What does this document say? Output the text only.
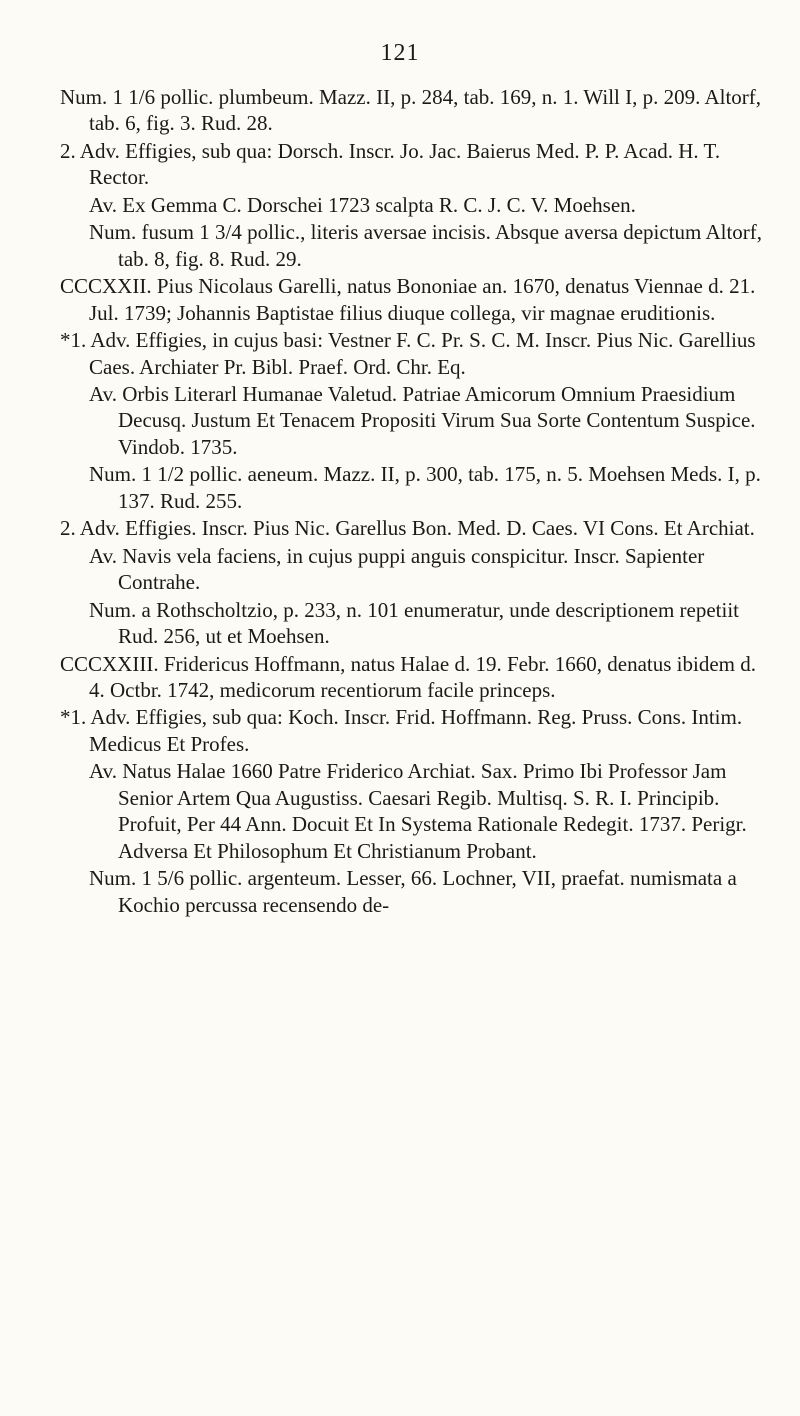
121

Num. 1 1/6 pollic. plumbeum. Mazz. II, p. 284, tab. 169, n. 1. Will I, p. 209. Altorf, tab. 6, fig. 3. Rud. 28.

2. Adv. Effigies, sub qua: Dorsch. Inscr. Jo. Jac. Baierus Med. P. P. Acad. H. T. Rector.

Av. Ex Gemma C. Dorschei 1723 scalpta R. C. J. C. V. Moehsen.

Num. fusum 1 3/4 pollic., literis aversae incisis. Absque aversa depictum Altorf, tab. 8, fig. 8. Rud. 29.

CCCXXII. Pius Nicolaus Garelli, natus Bononiae an. 1670, denatus Viennae d. 21. Jul. 1739; Johannis Baptistae filius diuque collega, vir magnae eruditionis.

*1. Adv. Effigies, in cujus basi: Vestner F. C. Pr. S. C. M. Inscr. Pius Nic. Garellius Caes. Archiater Pr. Bibl. Praef. Ord. Chr. Eq.

Av. Orbis Literarl Humanae Valetud. Patriae Amicorum Omnium Praesidium Decusq. Justum Et Tenacem Propositi Virum Sua Sorte Contentum Suspice. Vindob. 1735.

Num. 1 1/2 pollic. aeneum. Mazz. II, p. 300, tab. 175, n. 5. Moehsen Meds. I, p. 137. Rud. 255.

2. Adv. Effigies. Inscr. Pius Nic. Garellus Bon. Med. D. Caes. VI Cons. Et Archiat.

Av. Navis vela faciens, in cujus puppi anguis conspicitur. Inscr. Sapienter Contrahe.

Num. a Rothscholtzio, p. 233, n. 101 enumeratur, unde descriptionem repetiit Rud. 256, ut et Moehsen.

CCCXXIII. Fridericus Hoffmann, natus Halae d. 19. Febr. 1660, denatus ibidem d. 4. Octbr. 1742, medicorum recentiorum facile princeps.

*1. Adv. Effigies, sub qua: Koch. Inscr. Frid. Hoffmann. Reg. Pruss. Cons. Intim. Medicus Et Profes.

Av. Natus Halae 1660 Patre Friderico Archiat. Sax. Primo Ibi Professor Jam Senior Artem Qua Augustiss. Caesari Regib. Multisq. S. R. I. Principib. Profuit, Per 44 Ann. Docuit Et In Systema Rationale Redegit. 1737. Perigr. Adversa Et Philosophum Et Christianum Probant.

Num. 1 5/6 pollic. argenteum. Lesser, 66. Lochner, VII, praefat. numismata a Kochio percussa recensendo de-
